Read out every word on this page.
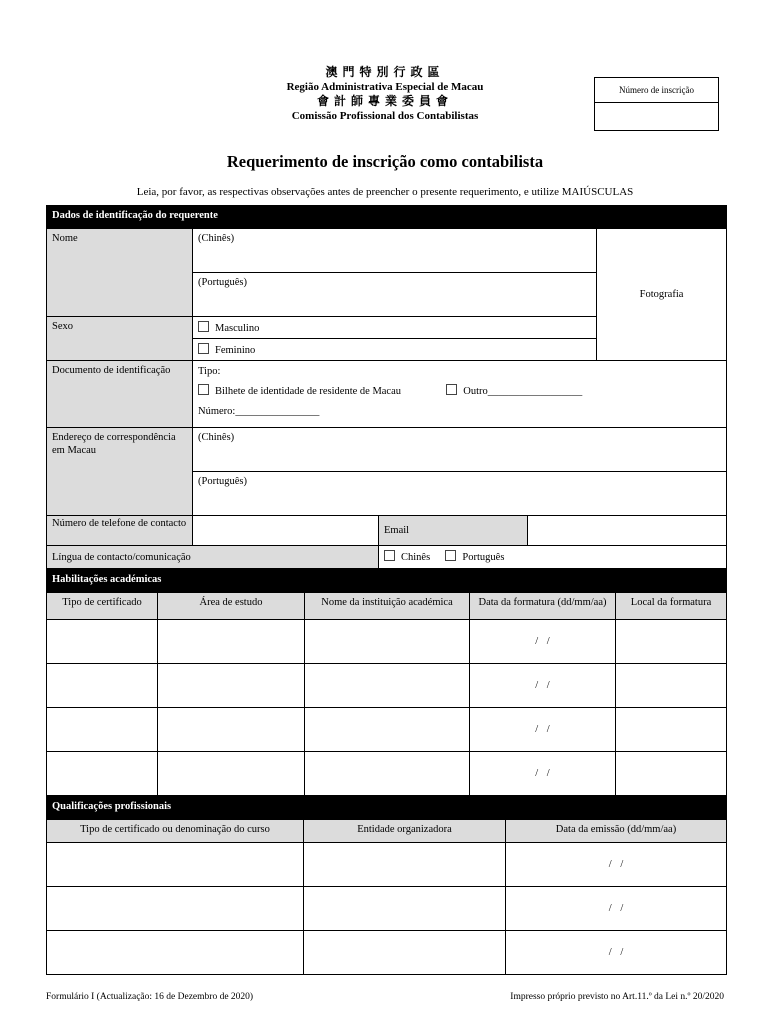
澳門特別行政區
Região Administrativa Especial de Macau
會計師專業委員會
Comissão Profissional dos Contabilistas
Número de inscrição
Requerimento de inscrição como contabilista
Leia, por favor, as respectivas observações antes de preencher o presente requerimento, e utilize MAIÚSCULAS
Dados de identificação do requerente				
Nome	(Chinês)			Fotografia
	(Português)			
Sexo	Masculino			
	Feminino			
Documento de identificação	Tipo:
Bilhete de identidade de residente de Macau Outro__________________
Número:________________			

Endereço de correspondência em Macau	(Chinês)			
	(Português)			
Número de telefone de contacto		Email		
Língua de contacto/comunicação		Chinês Português		
Habilitações académicas				
Tipo de certificado	Área de estudo	Nome da instituição académica	Data da formatura (dd/mm/aa)	Local da formatura
			/ /	
			/ /	
			/ /	
			/ /	
Qualificações profissionais		
Tipo de certificado ou denominação do curso	Entidade organizadora	Data da emissão (dd/mm/aa)
		/ /
		/ /
		/ /
Formulário I (Actualização: 16 de Dezembro de 2020)	Impresso próprio previsto no Art.11.º da Lei n.º 20/2020
